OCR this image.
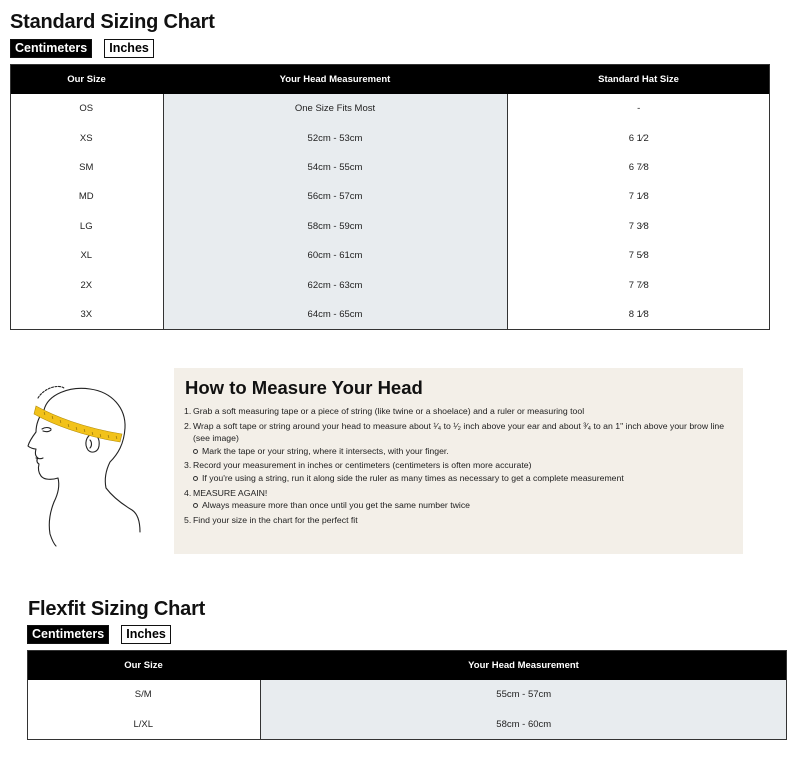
Standard Sizing Chart
Centimeters	Inches
Our Size	Your Head Measurement	Standard Hat Size
OS	One Size Fits Most	-
XS	52cm - 53cm	6 1⁄2
SM	54cm - 55cm	6 7⁄8
MD	56cm - 57cm	7 1⁄8
LG	58cm - 59cm	7 3⁄8
XL	60cm - 61cm	7 5⁄8
2X	62cm - 63cm	7 7⁄8
3X	64cm - 65cm	8 1⁄8
How to Measure Your Head
1. Grab a soft measuring tape or a piece of string (like twine or a shoelace) and a ruler or measuring tool
2. Wrap a soft tape or string around your head to measure about ¹⁄₄ to ¹⁄₂ inch above your ear and about ³⁄₄ to an 1" inch above your brow line (see image)
Mark the tape or your string, where it intersects, with your finger.
3. Record your measurement in inches or centimeters (centimeters is often more accurate)
If you're using a string, run it along side the ruler as many times as necessary to get a complete measurement
4. MEASURE AGAIN!
Always measure more than once until you get the same number twice
5. Find your size in the chart for the perfect fit
Flexfit Sizing Chart
Centimeters	Inches
Our Size	Your Head Measurement
S/M	55cm - 57cm
L/XL	58cm - 60cm
